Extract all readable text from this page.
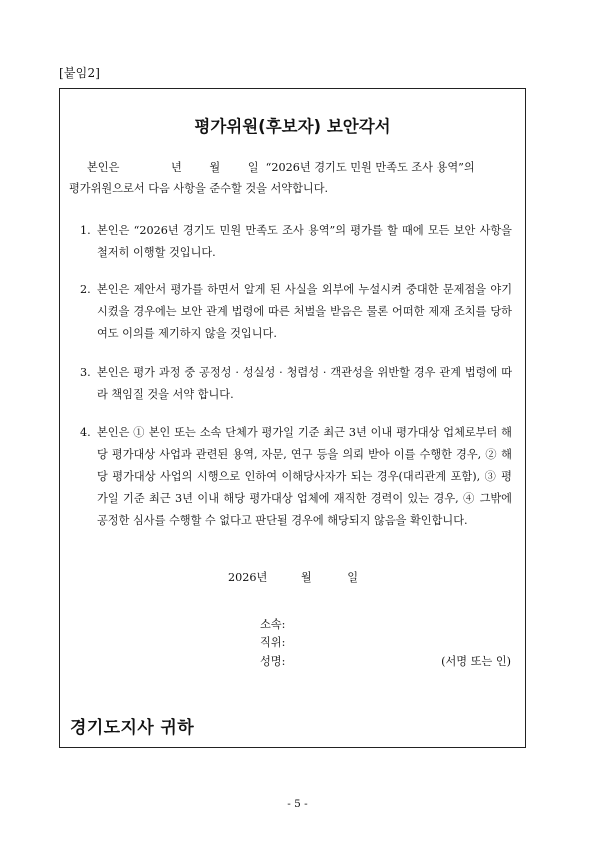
[붙임2]
평가위원(후보자) 보안각서
본인은	년 월 일 “2026년 경기도 민원 만족도 조사 용역”의
평가위원으로서 다음 사항을 준수할 것을 서약합니다.
1. 본인은 “2026년 경기도 민원 만족도 조사 용역”의 평가를 할 때에 모든 보안 사항을 철저히 이행할 것입니다.
2. 본인은 제안서 평가를 하면서 알게 된 사실을 외부에 누설시켜 중대한 문제점을 야기 시켰을 경우에는 보안 관계 법령에 따른 처벌을 받음은 물론 어떠한 제재 조치를 당하여도 이의를 제기하지 않을 것입니다.
3. 본인은 평가 과정 중 공정성 · 성실성 · 청렴성 · 객관성을 위반할 경우 관계 법령에 따라 책임질 것을 서약 합니다.
4. 본인은 ① 본인 또는 소속 단체가 평가일 기준 최근 3년 이내 평가대상 업체로부터 해당 평가대상 사업과 관련된 용역, 자문, 연구 등을 의뢰 받아 이를 수행한 경우, ② 해당 평가대상 사업의 시행으로 인하여 이해당사자가 되는 경우(대리관계 포함), ③ 평가일 기준 최근 3년 이내 해당 평가대상 업체에 재직한 경력이 있는 경우, ④ 그밖에 공정한 심사를 수행할 수 없다고 판단될 경우에 해당되지 않음을 확인합니다.
2026년	월	일
소속:
직위:
성명:	(서명 또는 인)
경기도지사 귀하
- 5 -
